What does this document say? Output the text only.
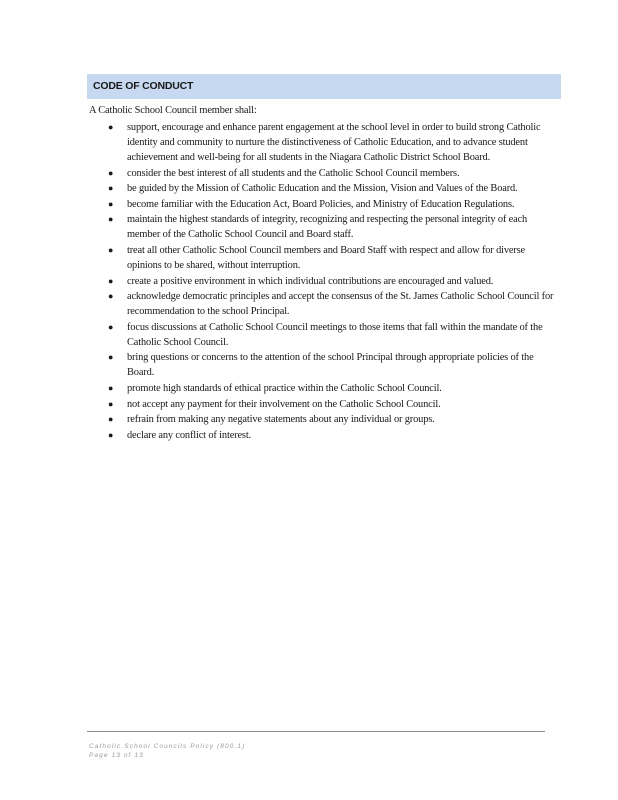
CODE OF CONDUCT
A Catholic School Council member shall:
● support, encourage and enhance parent engagement at the school level in order to build strong Catholic identity and community to nurture the distinctiveness of Catholic Education, and to advance student achievement and well-being for all students in the Niagara Catholic District School Board.
● consider the best interest of all students and the Catholic School Council members.
● be guided by the Mission of Catholic Education and the Mission, Vision and Values of the Board.
● become familiar with the Education Act, Board Policies, and Ministry of Education Regulations.
● maintain the highest standards of integrity, recognizing and respecting the personal integrity of each member of the Catholic School Council and Board staff.
● treat all other Catholic School Council members and Board Staff with respect and allow for diverse opinions to be shared, without interruption.
● create a positive environment in which individual contributions are encouraged and valued.
● acknowledge democratic principles and accept the consensus of the St. James Catholic School Council for recommendation to the school Principal.
● focus discussions at Catholic School Council meetings to those items that fall within the mandate of the Catholic School Council.
● bring questions or concerns to the attention of the school Principal through appropriate policies of the Board.
● promote high standards of ethical practice within the Catholic School Council.
● not accept any payment for their involvement on the Catholic School Council.
● refrain from making any negative statements about any individual or groups.
● declare any conflict of interest.
Catholic School Councils Policy (800.1)
Page 13 of 13
